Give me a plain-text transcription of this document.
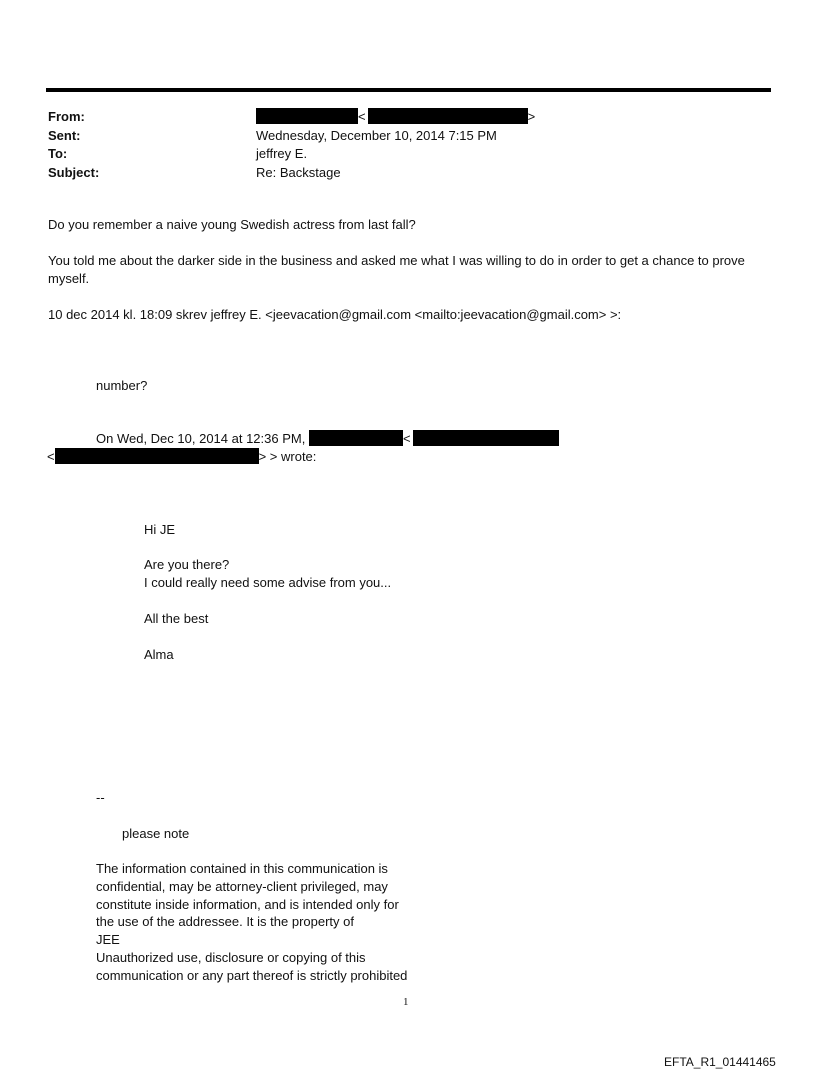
From:	<	>
Sent:	Wednesday, December 10, 2014 7:15 PM
To:	jeffrey E.
Subject:	Re: Backstage
Do you remember a naive young Swedish actress from last fall?
You told me about the darker side in the business and asked me what I was willing to do in order to get a chance to prove myself.
10 dec 2014 kl. 18:09 skrev jeffrey E. <jeevacation@gmail.com <mailto:jeevacation@gmail.com> >:
number?
On Wed, Dec 10, 2014 at 12:36 PM,	<
<	> > wrote:
Hi JE
Are you there?
I could really need some advise from you...
All the best
Alma
--
please note
The information contained in this communication is
confidential, may be attorney-client privileged, may
constitute inside information, and is intended only for
the use of the addressee. It is the property of
JEE
Unauthorized use, disclosure or copying of this
communication or any part thereof is strictly prohibited
1
EFTA_R1_01441465
